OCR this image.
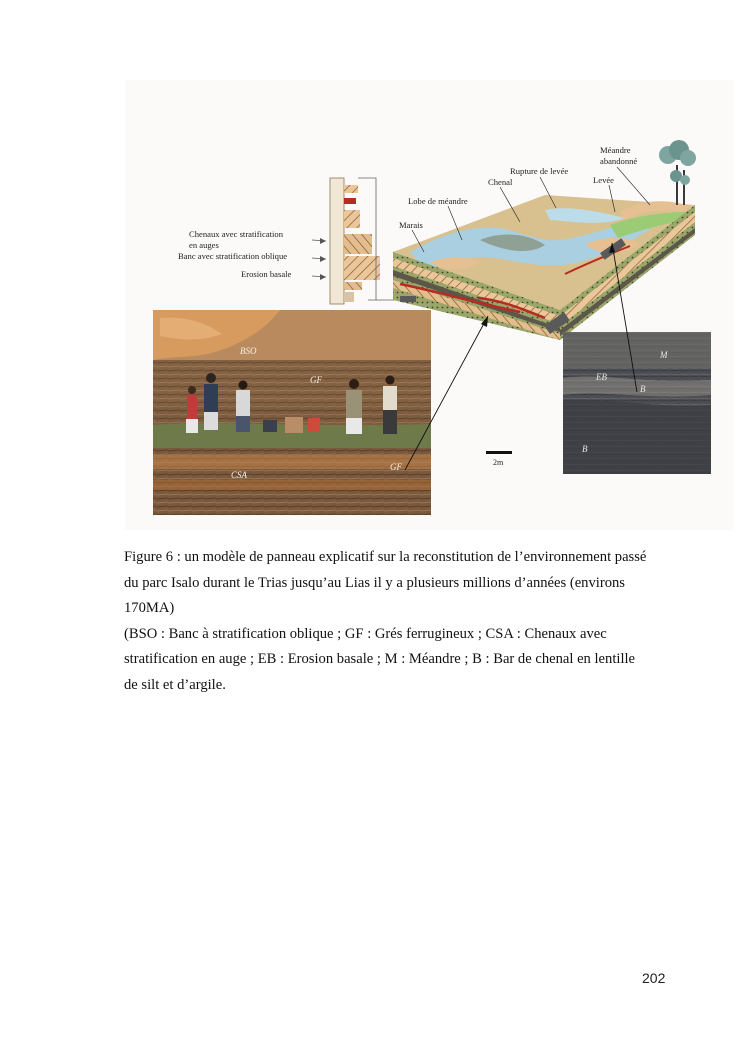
Chenaux avec stratification
en auges
Banc avec stratification oblique
Erosion basale
Méandre
abandonné
Rupture de levée
Chenal	Levée
Lobe de méandre
Marais
BSO
GF
GF
CSA
M
EB
B
B
2m

Figure 6 : un modèle de panneau explicatif sur la reconstitution de l’environnement passé

du parc Isalo durant le Trias jusqu’au Lias il y a plusieurs millions d’années (environs

170MA)

(BSO : Banc à stratification oblique ; GF : Grés ferrugineux ; CSA : Chenaux avec

stratification en auge ; EB : Erosion basale ; M : Méandre ; B : Bar de chenal en lentille

de silt et d’argile.

202
